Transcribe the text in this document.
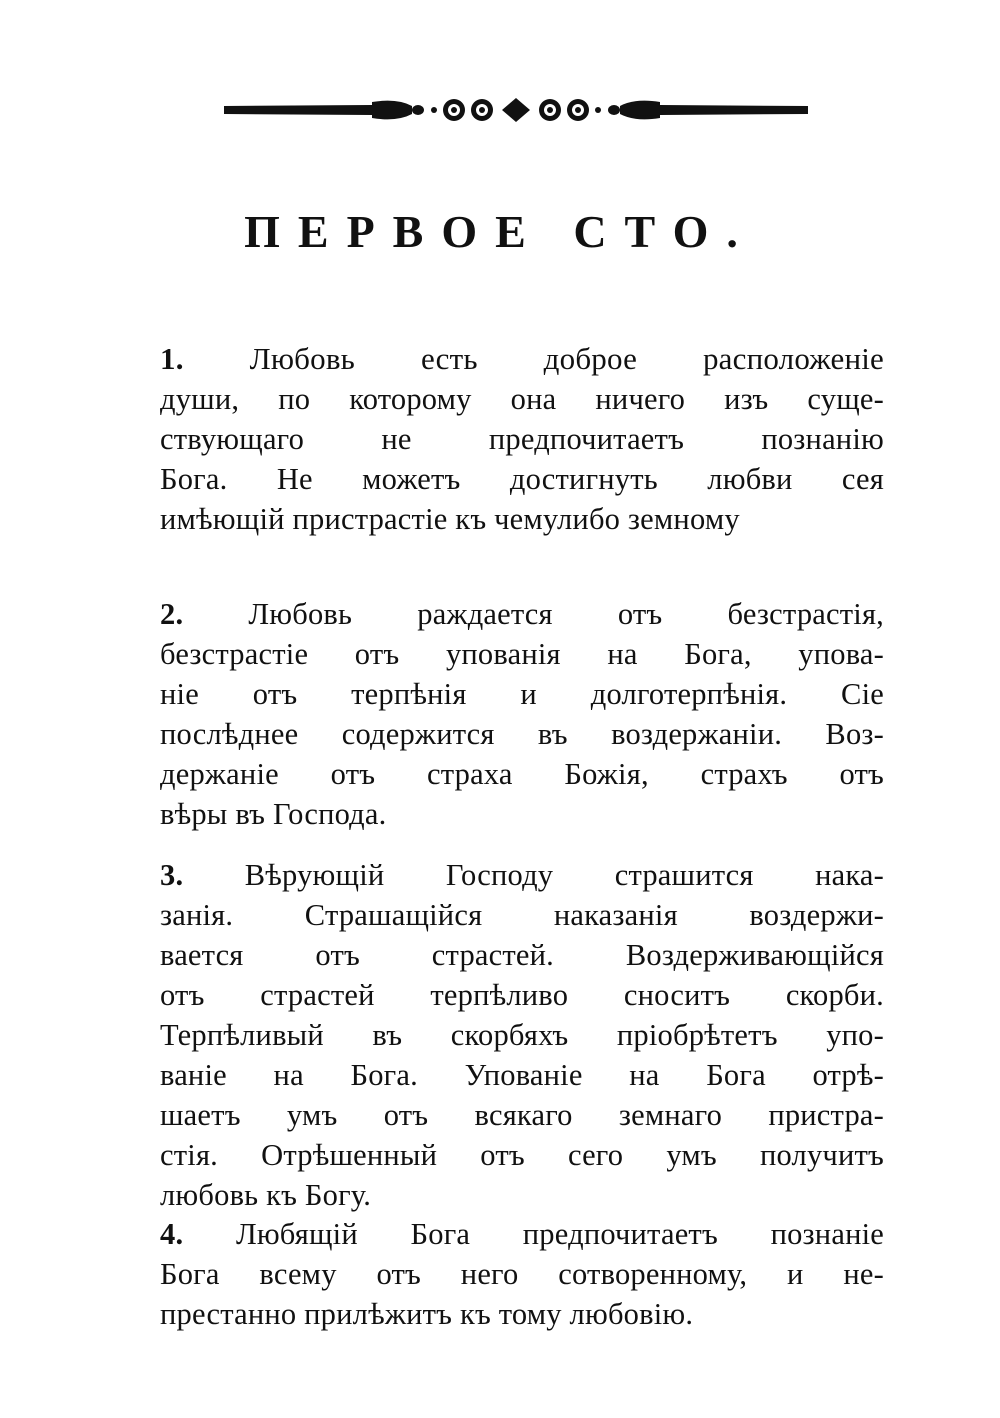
ПЕРВОЕ СТО.
1. Любовь есть доброе расположеніе
души, по которому она ничего изъ суще-
ствующаго не предпочитаетъ познанію
Бога. Не можетъ достигнуть любви сея
имѣющій пристрастіе къ чемулибо земному
2. Любовь раждается отъ безстрастія,
безстрастіе отъ упованія на Бога, упова-
ніе отъ терпѣнія и долготерпѣнія. Сіе
послѣднее содержится въ воздержаніи. Воз-
держаніе отъ страха Божія, страхъ отъ
вѣры въ Господа.
3. Вѣрующій Господу страшится нака-
занія. Страшащійся наказанія воздержи-
вается отъ страстей. Воздерживающійся
отъ страстей терпѣливо сноситъ скорби.
Терпѣливый въ скорбяхъ пріобрѣтетъ упо-
ваніе на Бога. Упованіе на Бога отрѣ-
шаетъ умъ отъ всякаго земнаго пристра-
стія. Отрѣшенный отъ сего умъ получитъ
любовь къ Богу.
4. Любящій Бога предпочитаетъ познаніе
Бога всему отъ него сотворенному, и не-
престанно прилѣжитъ къ тому любовію.
